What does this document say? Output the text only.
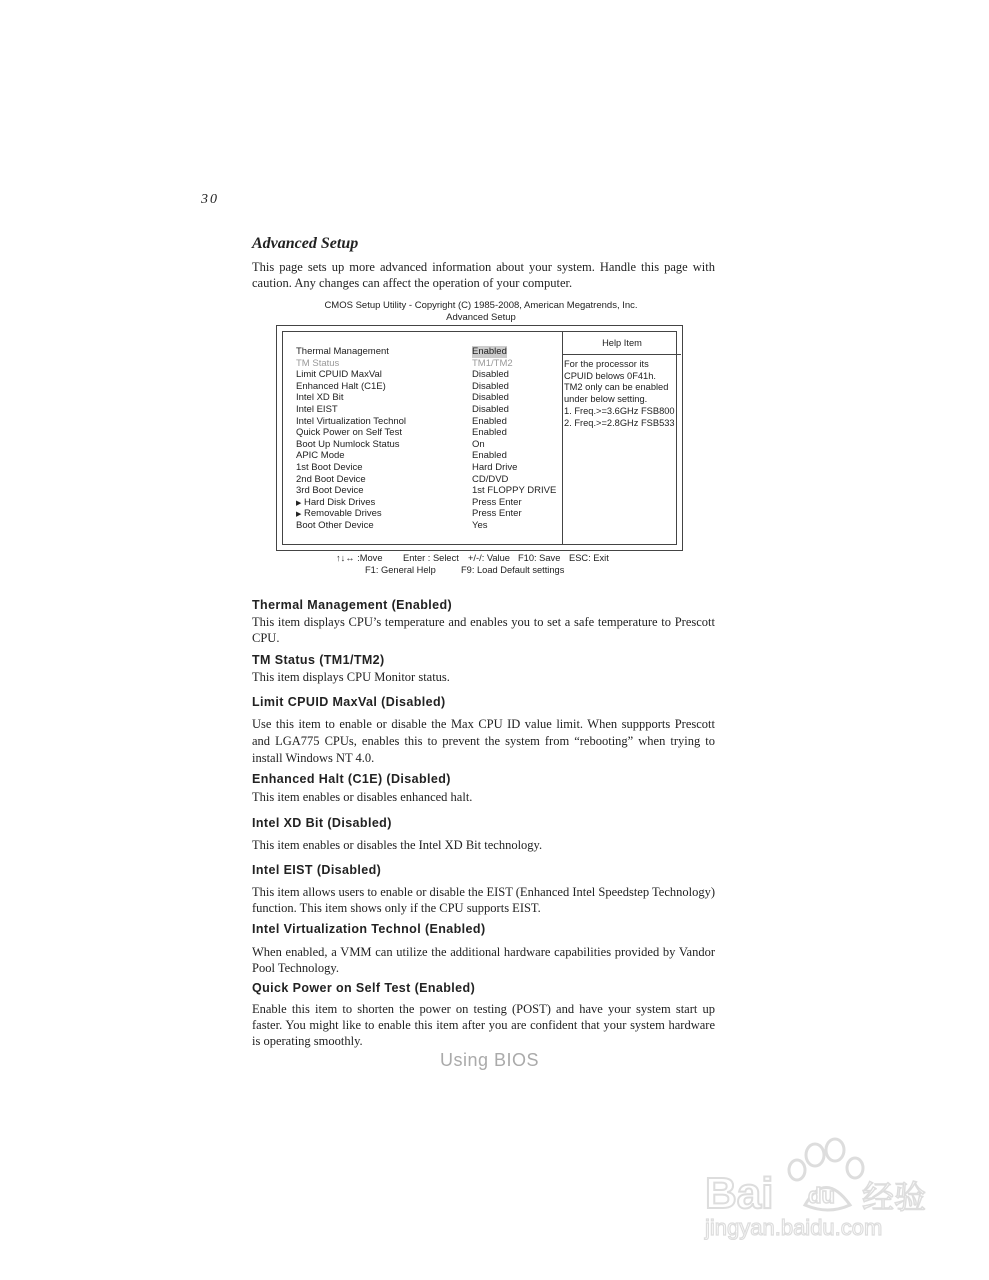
30
Advanced Setup
This page sets up more advanced information about your system. Handle this page with caution. Any changes can affect the operation of your computer.
CMOS Setup Utility - Copyright (C) 1985-2008, American Megatrends, Inc.
Advanced Setup
Thermal Management	Enabled
TM Status	TM1/TM2
Limit CPUID MaxVal	Disabled
Enhanced Halt (C1E)	Disabled
Intel XD Bit	Disabled
Intel EIST	Disabled
Intel Virtualization Technol	Enabled
Quick Power on Self Test	Enabled
Boot Up Numlock Status	On
APIC Mode	Enabled
1st Boot Device	Hard Drive
2nd Boot Device	CD/DVD
3rd Boot Device	1st FLOPPY DRIVE
▶ Hard Disk Drives	Press Enter
▶ Removable Drives	Press Enter
Boot Other Device	Yes
Help Item
For the processor its
CPUID belows 0F41h.
TM2 only can be enabled
under below setting.
1. Freq.>=3.6GHz FSB800
2. Freq.>=2.8GHz FSB533
↑↓↔ :Move Enter : Select +/-/: Value F10: Save ESC: Exit
F1: General Help	F9: Load Default settings
Thermal Management (Enabled)
This item displays CPU’s temperature and enables you to set a safe temperature to Prescott CPU.
TM Status (TM1/TM2)
This item displays CPU Monitor status.
Limit CPUID MaxVal (Disabled)
Use this item to enable or disable the Max CPU ID value limit. When suppports Prescott and LGA775 CPUs, enables this to prevent the system from “rebooting” when trying to install Windows NT 4.0.
Enhanced Halt (C1E) (Disabled)
This item enables or disables enhanced halt.
Intel XD Bit (Disabled)
This item enables or disables the Intel XD Bit technology.
Intel EIST (Disabled)
This item allows users to enable or disable the EIST (Enhanced Intel Speedstep Technology) function. This item shows only if the CPU supports EIST.
Intel Virtualization Technol (Enabled)
When enabled, a VMM can utilize the additional hardware capabilities provided by Vandor Pool Technology.
Quick Power on Self Test (Enabled)
Enable this item to shorten the power on testing (POST) and have your system start up faster. You might like to enable this item after you are confident that your system hardware is operating smoothly.
Using BIOS
Bai du 经验
jingyan.baidu.com
